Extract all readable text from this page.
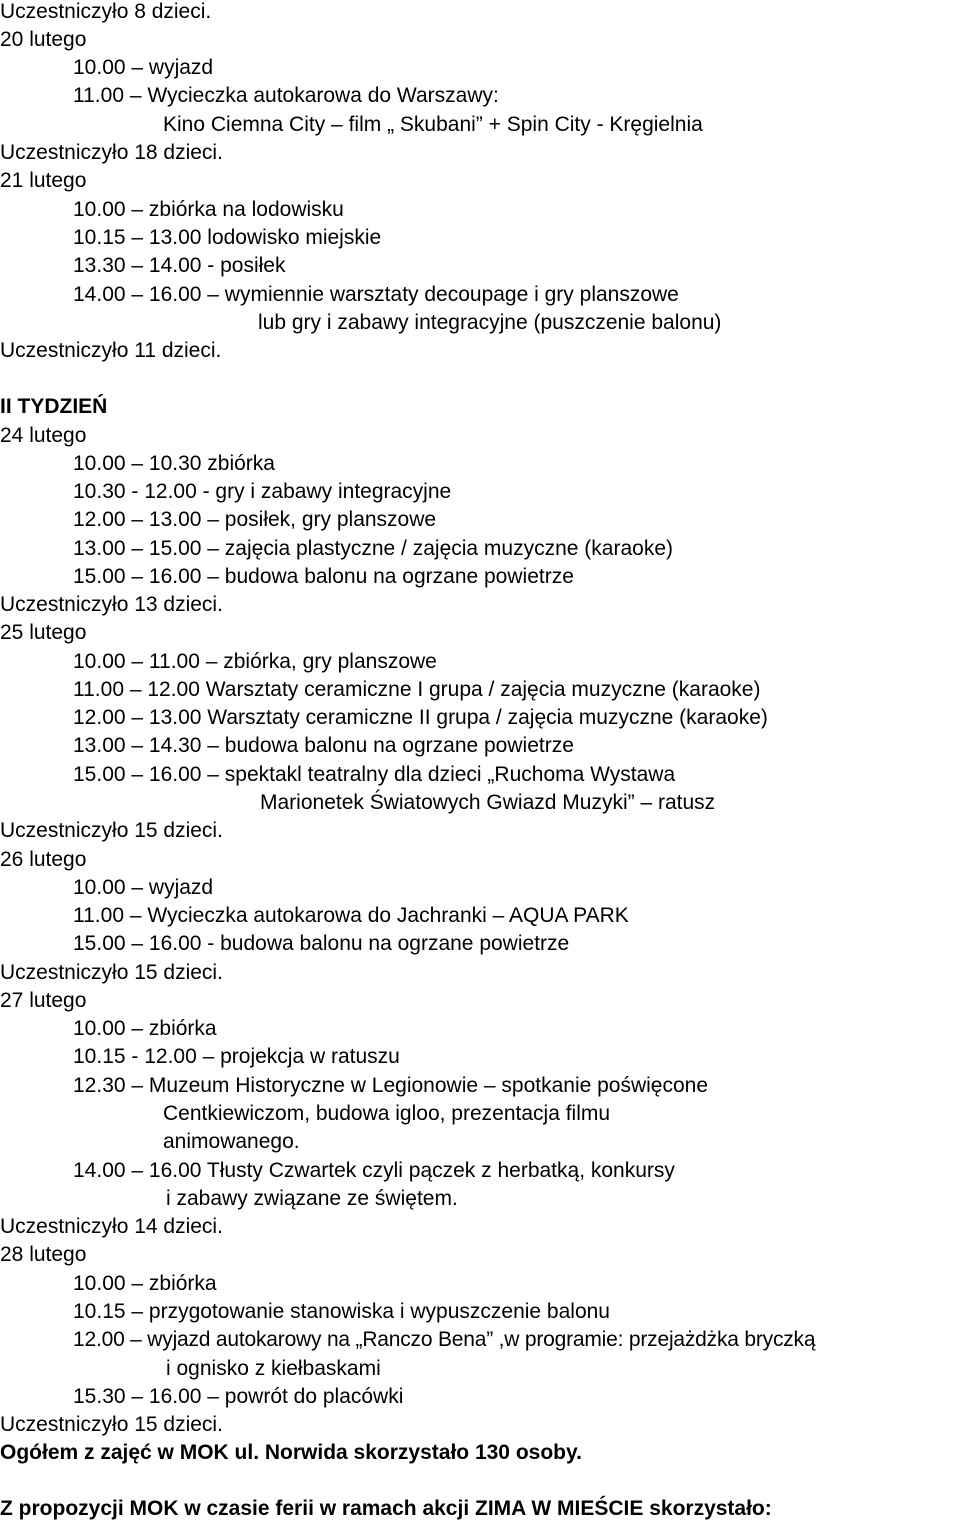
Uczestniczyło 8 dzieci.
20 lutego
10.00 – wyjazd
11.00 – Wycieczka autokarowa do Warszawy:
Kino Ciemna City – film „ Skubani” + Spin City - Kręgielnia
Uczestniczyło 18 dzieci.
21 lutego
10.00 – zbiórka na lodowisku
10.15 – 13.00 lodowisko miejskie
13.30 – 14.00 - posiłek
14.00 – 16.00 – wymiennie warsztaty decoupage i gry planszowe
lub gry i zabawy integracyjne (puszczenie balonu)
Uczestniczyło 11 dzieci.
II TYDZIEŃ
24 lutego
10.00 – 10.30 zbiórka
10.30 - 12.00 - gry i zabawy integracyjne
12.00 – 13.00 – posiłek, gry planszowe
13.00 – 15.00 – zajęcia plastyczne / zajęcia muzyczne (karaoke)
15.00 – 16.00 – budowa balonu na ogrzane powietrze
Uczestniczyło 13 dzieci.
25 lutego
10.00 – 11.00 – zbiórka, gry planszowe
11.00 – 12.00 Warsztaty ceramiczne I grupa / zajęcia muzyczne (karaoke)
12.00 – 13.00 Warsztaty ceramiczne II grupa / zajęcia muzyczne (karaoke)
13.00 – 14.30 – budowa balonu na ogrzane powietrze
15.00 – 16.00 – spektakl teatralny dla dzieci „Ruchoma Wystawa
Marionetek Światowych Gwiazd Muzyki” – ratusz
Uczestniczyło 15 dzieci.
26 lutego
10.00 – wyjazd
11.00 – Wycieczka autokarowa do Jachranki – AQUA PARK
15.00 – 16.00 - budowa balonu na ogrzane powietrze
Uczestniczyło 15 dzieci.
27 lutego
10.00 – zbiórka
10.15 - 12.00 – projekcja w ratuszu
12.30 – Muzeum Historyczne w Legionowie – spotkanie poświęcone
Centkiewiczom, budowa igloo, prezentacja filmu
animowanego.
14.00 – 16.00 Tłusty Czwartek czyli pączek z herbatką, konkursy
i zabawy związane ze świętem.
Uczestniczyło 14 dzieci.
28 lutego
10.00 – zbiórka
10.15 – przygotowanie stanowiska i wypuszczenie balonu
12.00 – wyjazd autokarowy na „Ranczo Bena” ,w programie: przejażdżka bryczką
i ognisko z kiełbaskami
15.30 – 16.00 – powrót do placówki
Uczestniczyło 15 dzieci.
Ogółem z zajęć w MOK ul. Norwida skorzystało 130 osoby.
Z propozycji MOK w czasie ferii w ramach akcji ZIMA W MIEŚCIE skorzystało:
